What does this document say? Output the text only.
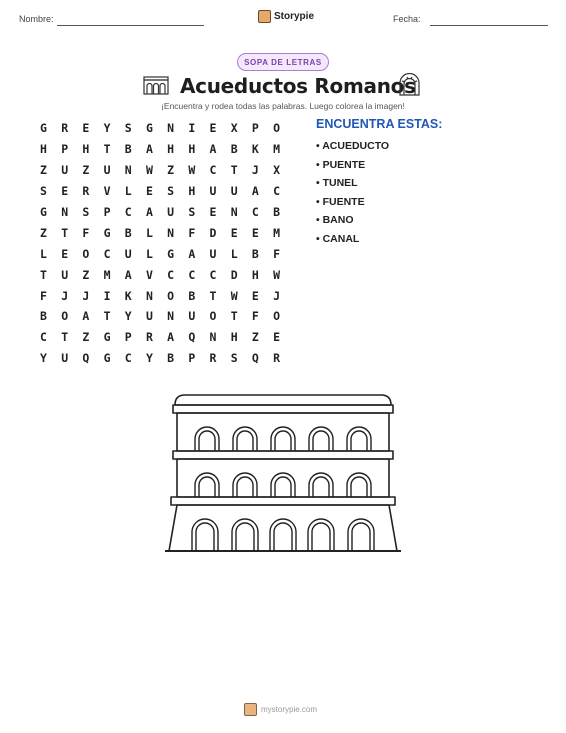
Nombre:	Storypie	Fecha:
SOPA DE LETRAS
Acueductos Romanos
¡Encuentra y rodea todas las palabras. Luego colorea la imagen!
G	R	E	Y	S	G	N	I	E	X	P	O
H	P	H	T	B	A	H	H	A	B	K	M
Z	U	Z	U	N	W	Z	W	C	T	J	X
S	E	R	V	L	E	S	H	U	U	A	C
G	N	S	P	C	A	U	S	E	N	C	B
Z	T	F	G	B	L	N	F	D	E	E	M
L	E	O	C	U	L	G	A	U	L	B	F
T	U	Z	M	A	V	C	C	C	D	H	W
F	J	J	I	K	N	O	B	T	W	E	J
B	O	A	T	Y	U	N	U	O	T	F	O
C	T	Z	G	P	R	A	Q	N	H	Z	E
Y	U	Q	G	C	Y	B	P	R	S	Q	R
ENCUENTRA ESTAS:
• ACUEDUCTO
• PUENTE
• TUNEL
• FUENTE
• BANO
• CANAL
mystorypie.com
